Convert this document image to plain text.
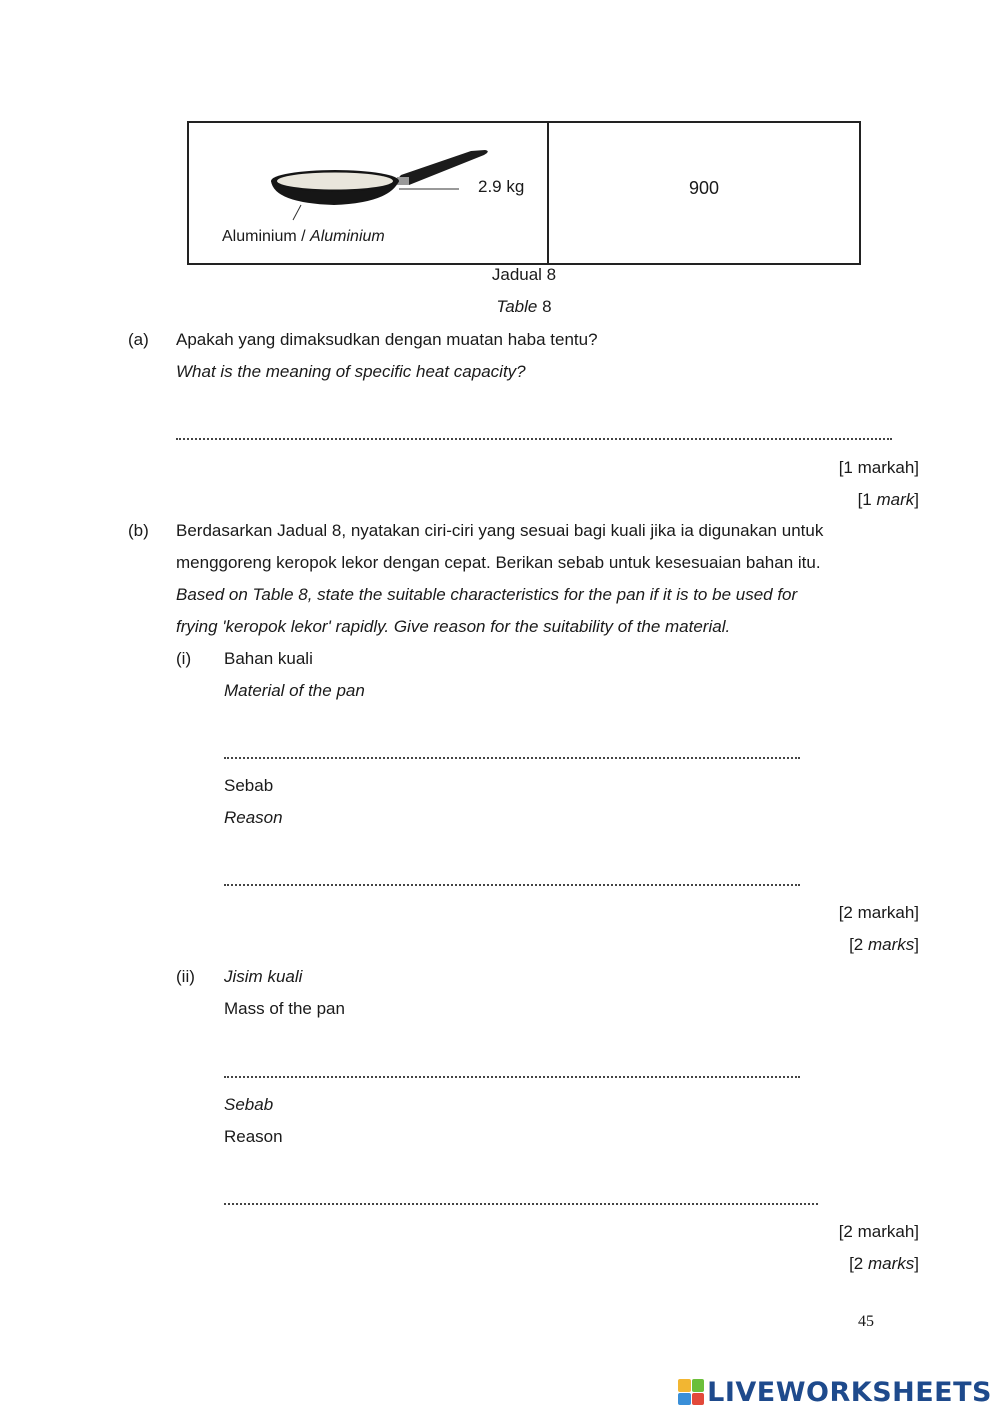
2.9 kg
Aluminium / Aluminium
900
Jadual 8
Table 8
(a) Apakah yang dimaksudkan dengan muatan haba tentu?
What is the meaning of specific heat capacity?
[1 markah]
[1 mark]
(b) Berdasarkan Jadual 8, nyatakan ciri-ciri yang sesuai bagi kuali jika ia digunakan untuk
menggoreng keropok lekor dengan cepat. Berikan sebab untuk kesesuaian bahan itu.
Based on Table 8, state the suitable characteristics for the pan if it is to be used for
frying 'keropok lekor' rapidly. Give reason for the suitability of the material.
(i) Bahan kuali
Material of the pan
Sebab
Reason
[2 markah]
[2 marks]
(ii) Jisim kuali
Mass of the pan
Sebab
Reason
[2 markah]
[2 marks]
45
LIVEWORKSHEETS
